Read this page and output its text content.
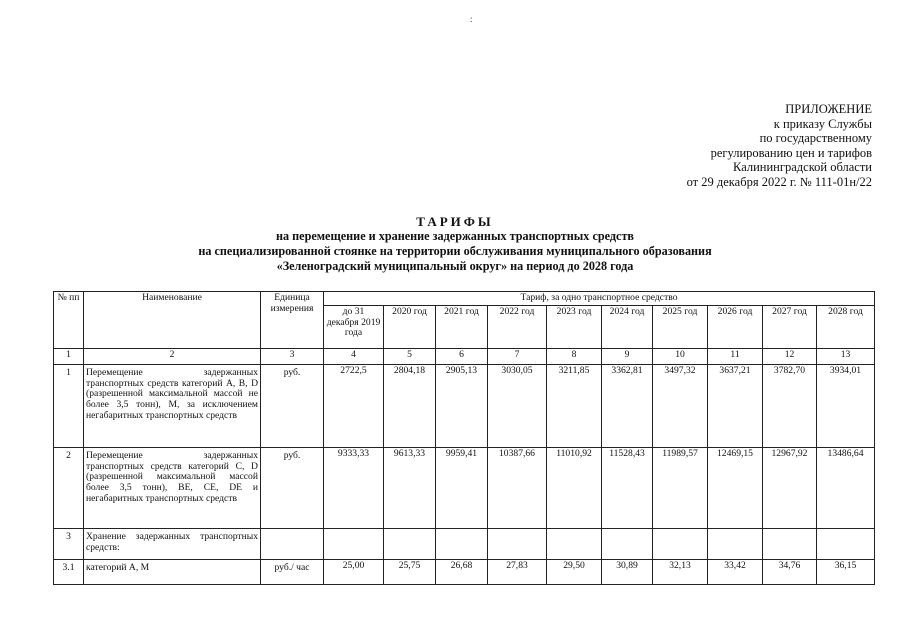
:
ПРИЛОЖЕНИЕ
к приказу Службы
по государственному
регулированию цен и тарифов
Калининградской области
от 29 декабря 2022 г. № 111-01н/22
ТАРИФЫ
на перемещение и хранение задержанных транспортных средств
на специализированной стоянке на территории обслуживания муниципального образования
«Зеленоградский муниципальный округ» на период до 2028 года
№ пп	Наименование	Единица измерения	Тариф, за одно транспортное средство									
			до 31 декабря 2019 года	2020 год	2021 год	2022 год	2023 год	2024 год	2025 год	2026 год	2027 год	2028 год
1	2	3	4	5	6	7	8	9	10	11	12	13
1	Перемещение задержанных транспортных средств категорий A, B, D (разрешенной максимальной массой не более 3,5 тонн), M, за исключением негабаритных транспортных средств	руб.	2722,5	2804,18	2905,13	3030,05	3211,85	3362,81	3497,32	3637,21	3782,70	3934,01
2	Перемещение задержанных транспортных средств категорий C, D (разрешенной максимальной массой более 3,5 тонн), BE, CE, DE и негабаритных транспортных средств	руб.	9333,33	9613,33	9959,41	10387,66	11010,92	11528,43	11989,57	12469,15	12967,92	13486,64
3	Хранение задержанных транспортных средств:											
3.1	категорий A, M	руб./ час	25,00	25,75	26,68	27,83	29,50	30,89	32,13	33,42	34,76	36,15
